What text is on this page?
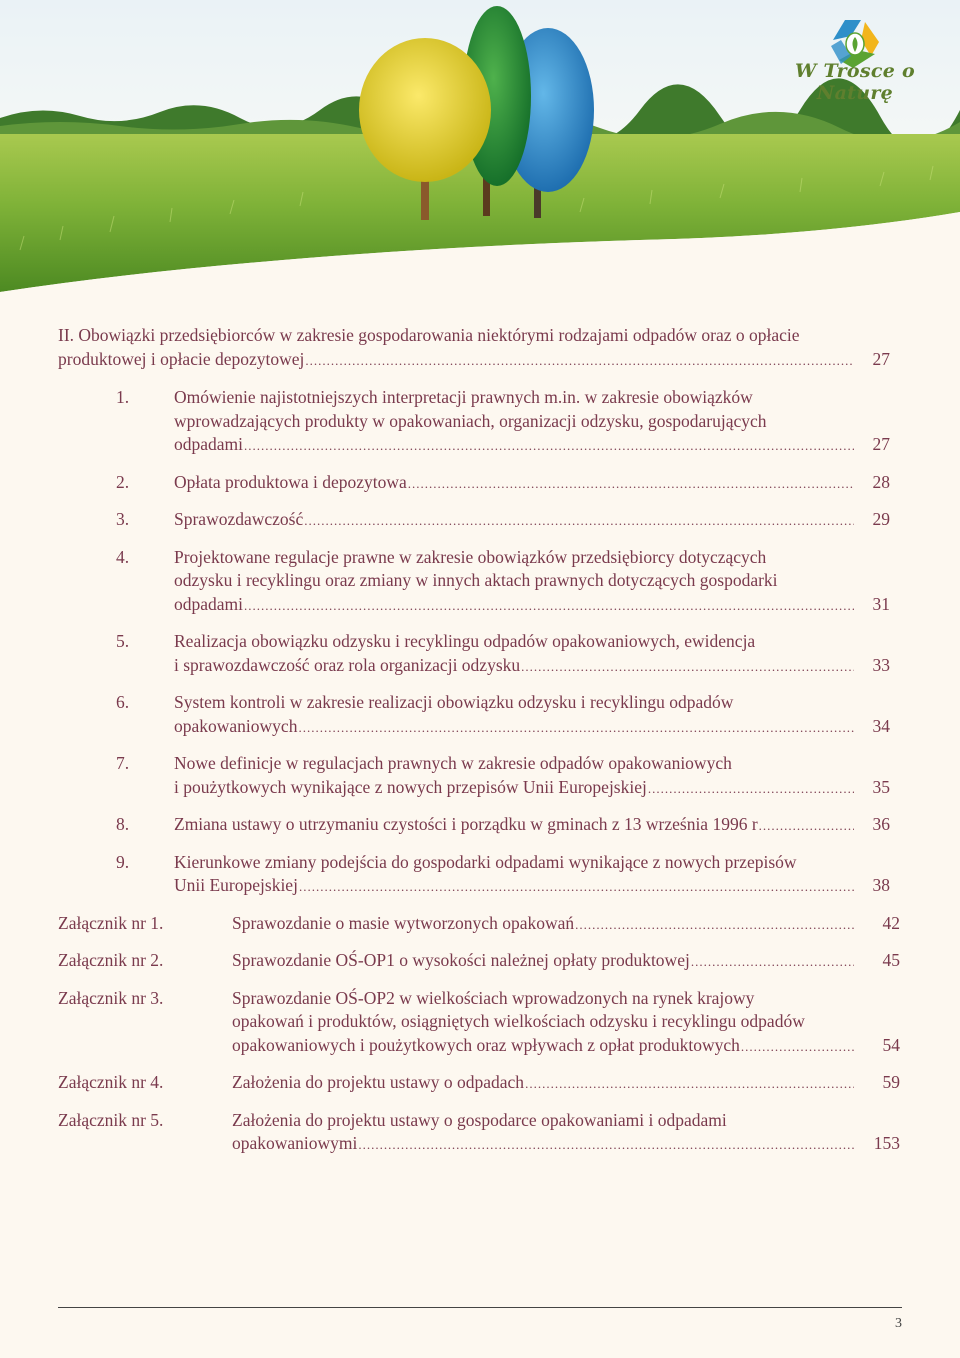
W Trosce o Naturę
II. Obowiązki przedsiębiorców w zakresie gospodarowania niektórymi rodzajami odpadów oraz o opłacie
produktowej i opłacie depozytowej .....	27
1.	Omówienie najistotniejszych interpretacji prawnych m.in. w zakresie obowiązków
wprowadzających produkty w opakowaniach, organizacji odzysku, gospodarujących
odpadami .....	27
2.	Opłata produktowa i depozytowa .....	28
3.	Sprawozdawczość .....	29
4.	Projektowane regulacje prawne w zakresie obowiązków przedsiębiorcy dotyczących
odzysku i recyklingu oraz zmiany w innych aktach prawnych dotyczących gospodarki
odpadami .....	31
5.	Realizacja obowiązku odzysku i recyklingu odpadów opakowaniowych, ewidencja
i sprawozdawczość oraz rola organizacji odzysku .....	33
6.	System kontroli w zakresie realizacji obowiązku odzysku i recyklingu odpadów
opakowaniowych .....	34
7.	Nowe definicje w regulacjach prawnych w zakresie odpadów opakowaniowych
i poużytkowych wynikające z nowych przepisów Unii Europejskiej .....	35
8.	Zmiana ustawy o utrzymaniu czystości i porządku w gminach z 13 września 1996 r .....	36
9.	Kierunkowe zmiany podejścia do gospodarki odpadami wynikające z nowych przepisów
Unii Europejskiej .....	38
Załącznik nr 1.	Sprawozdanie o masie wytworzonych opakowań .....	42
Załącznik nr 2.	Sprawozdanie OŚ-OP1 o wysokości należnej opłaty produktowej .....	45
Załącznik nr 3.	Sprawozdanie OŚ-OP2 w wielkościach wprowadzonych na rynek krajowy
opakowań i produktów, osiągniętych wielkościach odzysku i recyklingu odpadów
opakowaniowych i poużytkowych oraz wpływach z opłat produktowych .....	54
Załącznik nr 4.	Założenia do projektu ustawy o odpadach .....	59
Załącznik nr 5.	Założenia do projektu ustawy o gospodarce opakowaniami i odpadami
opakowaniowymi .....	153
3
